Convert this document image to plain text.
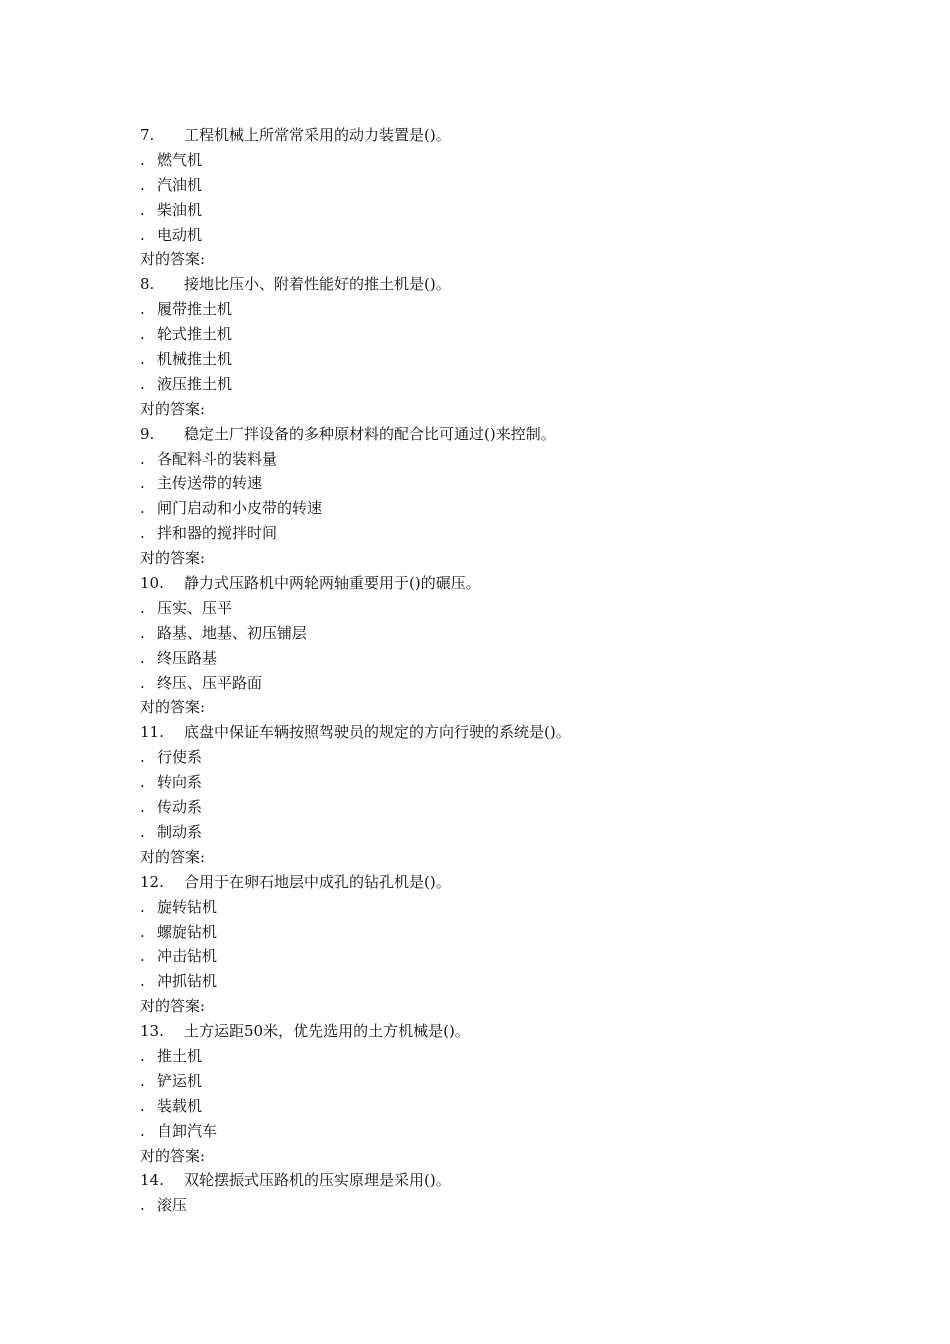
7. 工程机械上所常常采用的动力装置是()。
. 燃气机
. 汽油机
. 柴油机
. 电动机
对的答案:
8. 接地比压小、附着性能好的推土机是()。
. 履带推土机
. 轮式推土机
. 机械推土机
. 液压推土机
对的答案:
9. 稳定土厂拌设备的多种原材料的配合比可通过()来控制。
. 各配料斗的装料量
. 主传送带的转速
. 闸门启动和小皮带的转速
. 拌和器的搅拌时间
对的答案:
10. 静力式压路机中两轮两轴重要用于()的碾压。
. 压实、压平
. 路基、地基、初压铺层
. 终压路基
. 终压、压平路面
对的答案:
11. 底盘中保证车辆按照驾驶员的规定的方向行驶的系统是()。
. 行使系
. 转向系
. 传动系
. 制动系
对的答案:
12. 合用于在卵石地层中成孔的钻孔机是()。
. 旋转钻机
. 螺旋钻机
. 冲击钻机
. 冲抓钻机
对的答案:
13. 土方运距50米，优先选用的土方机械是()。
. 推土机
. 铲运机
. 装载机
. 自卸汽车
对的答案:
14. 双轮摆振式压路机的压实原理是采用()。
. 滚压
